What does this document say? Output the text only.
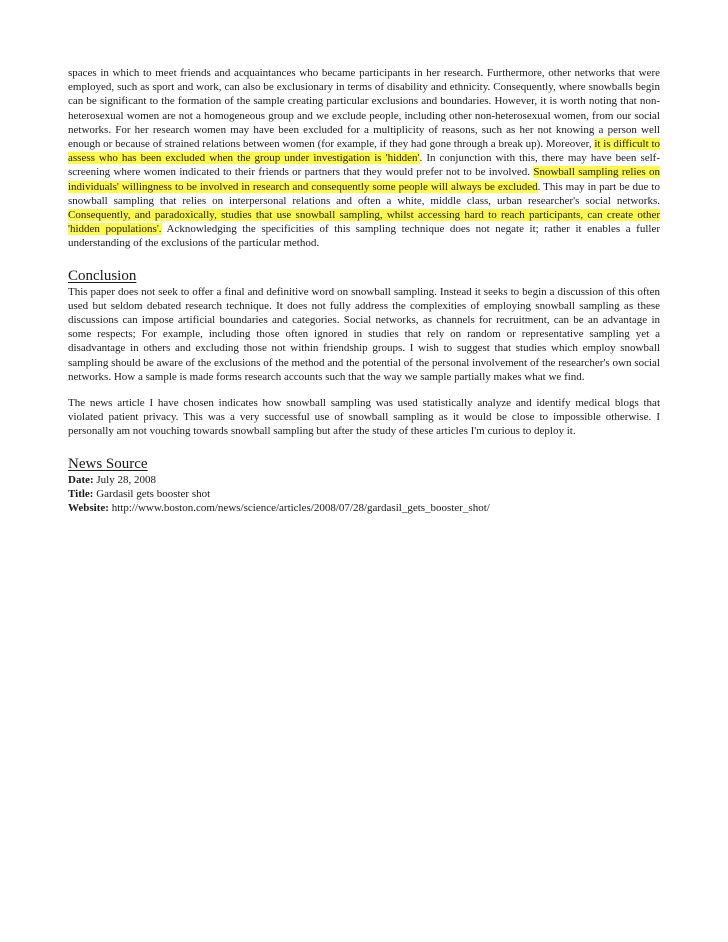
spaces in which to meet friends and acquaintances who became participants in her research. Furthermore, other networks that were employed, such as sport and work, can also be exclusionary in terms of disability and ethnicity. Consequently, where snowballs begin can be significant to the formation of the sample creating particular exclusions and boundaries. However, it is worth noting that non-heterosexual women are not a homogeneous group and we exclude people, including other non-heterosexual women, from our social networks. For her research women may have been excluded for a multiplicity of reasons, such as her not knowing a person well enough or because of strained relations between women (for example, if they had gone through a break up). Moreover, it is difficult to assess who has been excluded when the group under investigation is 'hidden'. In conjunction with this, there may have been self-screening where women indicated to their friends or partners that they would prefer not to be involved. Snowball sampling relies on individuals' willingness to be involved in research and consequently some people will always be excluded. This may in part be due to snowball sampling that relies on interpersonal relations and often a white, middle class, urban researcher's social networks. Consequently, and paradoxically, studies that use snowball sampling, whilst accessing hard to reach participants, can create other 'hidden populations'. Acknowledging the specificities of this sampling technique does not negate it; rather it enables a fuller understanding of the exclusions of the particular method.

Conclusion

This paper does not seek to offer a final and definitive word on snowball sampling. Instead it seeks to begin a discussion of this often used but seldom debated research technique. It does not fully address the complexities of employing snowball sampling as these discussions can impose artificial boundaries and categories. Social networks, as channels for recruitment, can be an advantage in some respects; For example, including those often ignored in studies that rely on random or representative sampling yet a disadvantage in others and excluding those not within friendship groups. I wish to suggest that studies which employ snowball sampling should be aware of the exclusions of the method and the potential of the personal involvement of the researcher's own social networks. How a sample is made forms research accounts such that the way we sample partially makes what we find.

The news article I have chosen indicates how snowball sampling was used statistically analyze and identify medical blogs that violated patient privacy. This was a very successful use of snowball sampling as it would be close to impossible otherwise. I personally am not vouching towards snowball sampling but after the study of these articles I'm curious to deploy it.

News Source

Date: July 28, 2008

Title: Gardasil gets booster shot

Website: http://www.boston.com/news/science/articles/2008/07/28/gardasil_gets_booster_shot/
